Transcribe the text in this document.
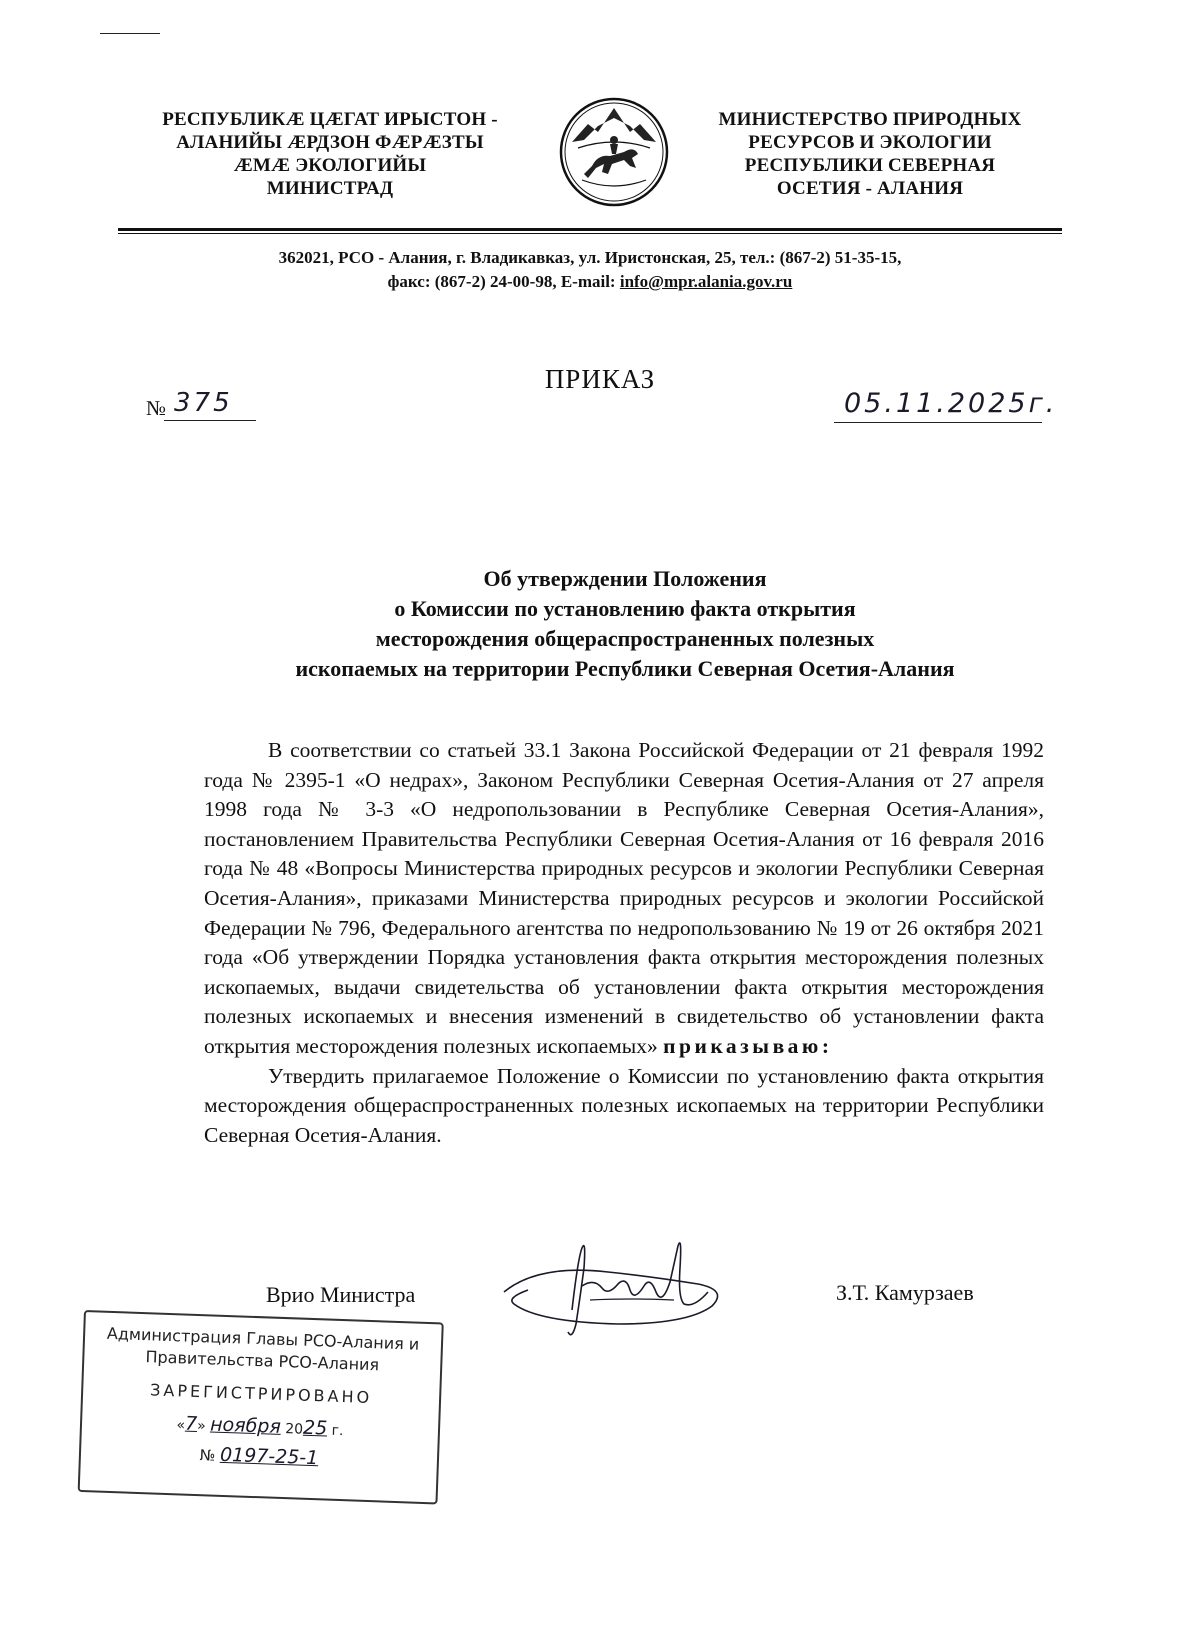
РЕСПУБЛИКÆ ЦÆГАТ ИРЫСТОН -
АЛАНИЙЫ ÆРДЗОН ФÆРÆЗТЫ
ÆМÆ ЭКОЛОГИЙЫ
МИНИСТРАД
МИНИСТЕРСТВО ПРИРОДНЫХ
РЕСУРСОВ И ЭКОЛОГИИ
РЕСПУБЛИКИ СЕВЕРНАЯ
ОСЕТИЯ - АЛАНИЯ
362021, РСО - Алания, г. Владикавказ, ул. Иристонская, 25, тел.: (867-2) 51-35-15,
факс: (867-2) 24-00-98, E-mail: info@mpr.alania.gov.ru
ПРИКАЗ
№ 375	05.11.2025г.
Об утверждении Положения
о Комиссии по установлению факта открытия
месторождения общераспространенных полезных
ископаемых на территории Республики Северная Осетия-Алания

В соответствии со статьей 33.1 Закона Российской Федерации от 21 февраля 1992 года № 2395-1 «О недрах», Законом Республики Северная Осетия-Алания от 27 апреля 1998 года № 3-3 «О недропользовании в Республике Северная Осетия-Алания», постановлением Правительства Республики Северная Осетия-Алания от 16 февраля 2016 года № 48 «Вопросы Министерства природных ресурсов и экологии Республики Северная Осетия-Алания», приказами Министерства природных ресурсов и экологии Российской Федерации № 796, Федерального агентства по недропользованию № 19 от 26 октября 2021 года «Об утверждении Порядка установления факта открытия месторождения полезных ископаемых, выдачи свидетельства об установлении факта открытия месторождения полезных ископаемых и внесения изменений в свидетельство об установлении факта открытия месторождения полезных ископаемых» приказываю:

Утвердить прилагаемое Положение о Комиссии по установлению факта открытия месторождения общераспространенных полезных ископаемых на территории Республики Северная Осетия-Алания.

Врио Министра	З.Т. Камурзаев
Администрация Главы РСО-Алания и
Правительства РСО-Алания
ЗАРЕГИСТРИРОВАНО
«7» ноября 2025 г.
№ 0197-25-1
